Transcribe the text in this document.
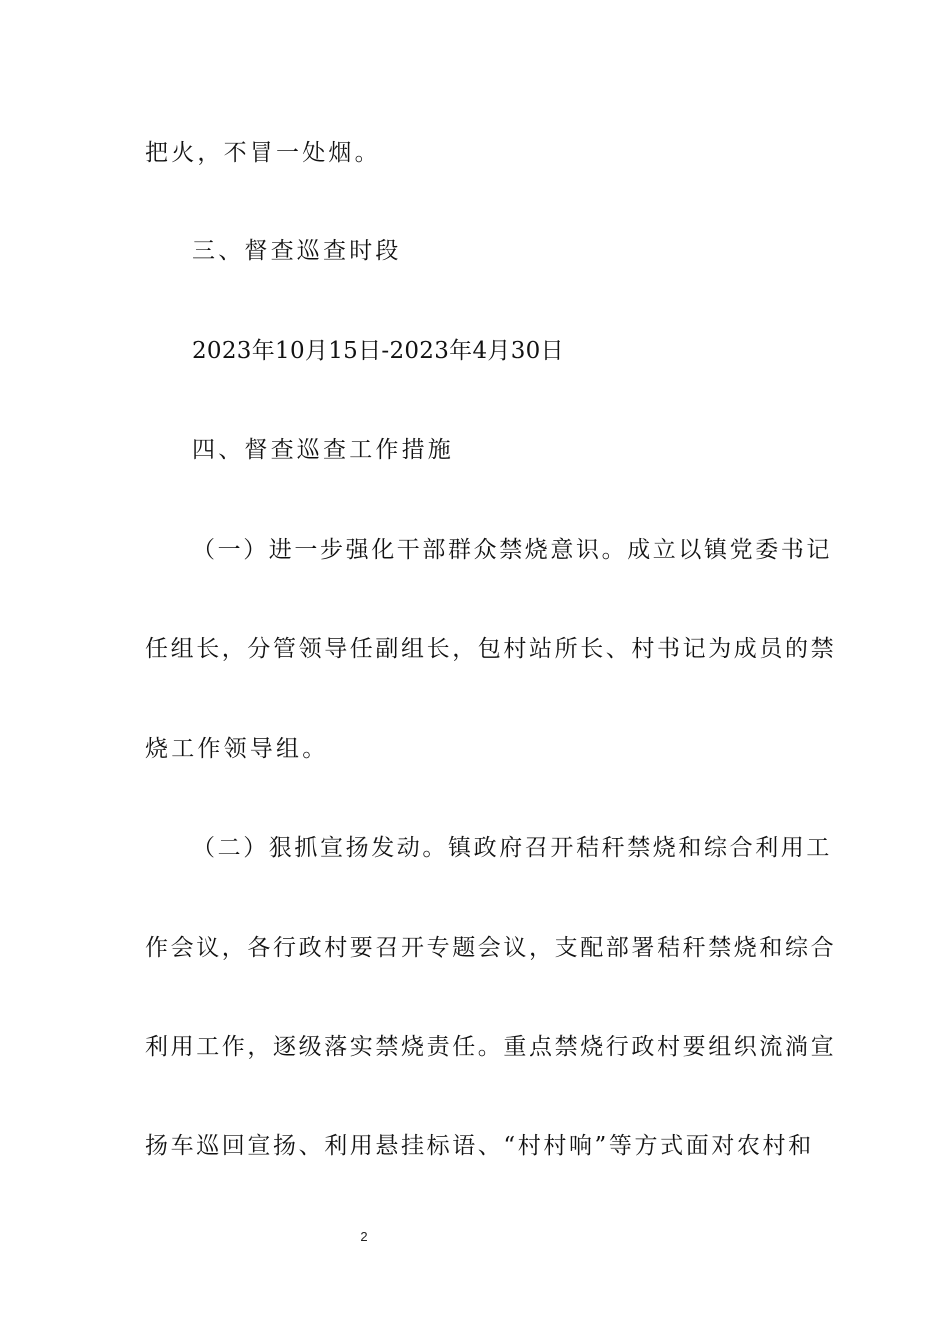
把火，不冒一处烟。
三、督查巡查时段
2023年10月15日-2023年4月30日
四、督查巡查工作措施
（一）进一步强化干部群众禁烧意识。成立以镇党委书记
任组长，分管领导任副组长，包村站所长、村书记为成员的禁
烧工作领导组。
（二）狠抓宣扬发动。镇政府召开秸秆禁烧和综合利用工
作会议，各行政村要召开专题会议，支配部署秸秆禁烧和综合
利用工作，逐级落实禁烧责任。重点禁烧行政村要组织流淌宣
扬车巡回宣扬、利用悬挂标语、“村村响”等方式面对农村和
2
